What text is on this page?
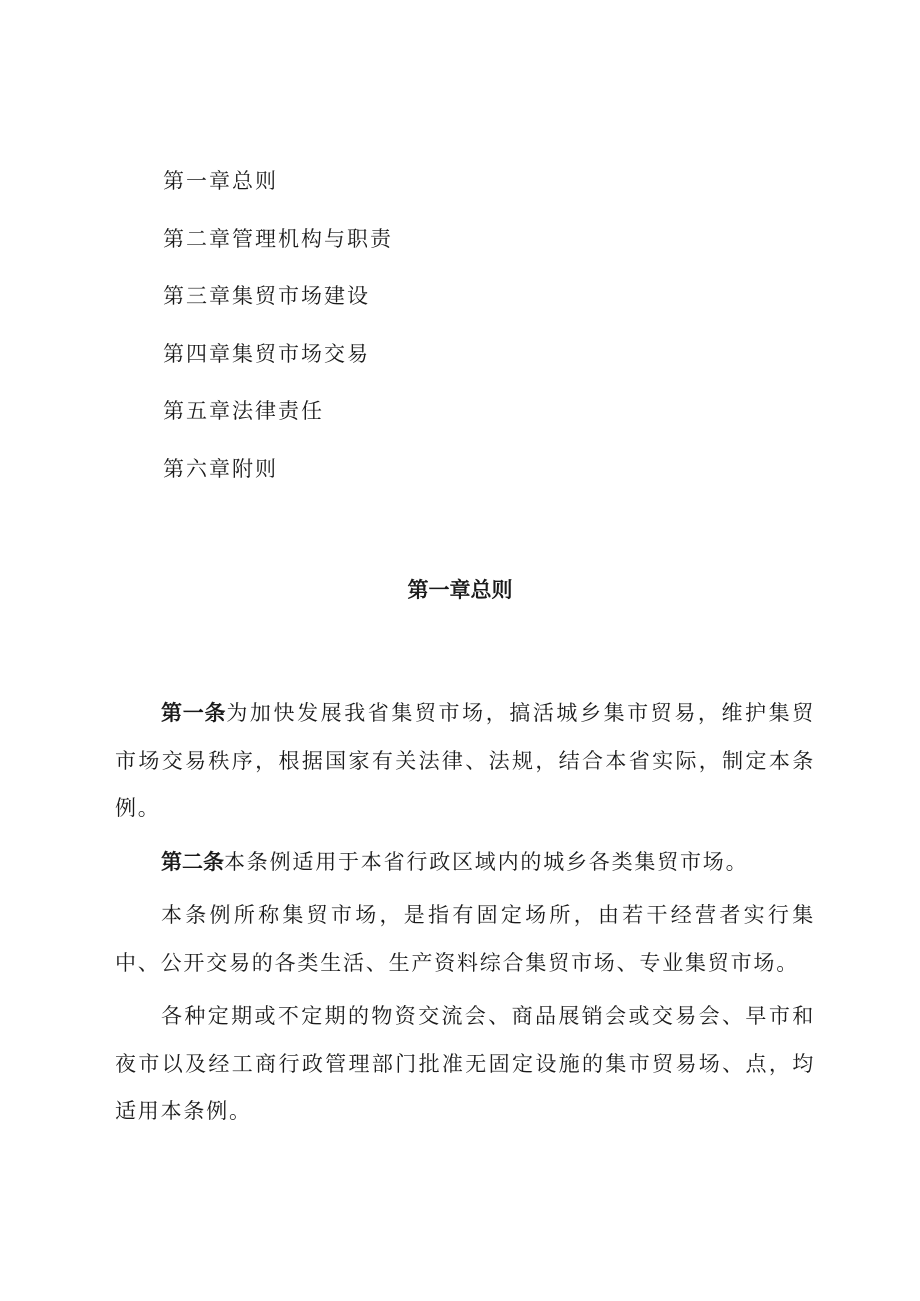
第一章总则
第二章管理机构与职责
第三章集贸市场建设
第四章集贸市场交易
第五章法律责任
第六章附则
第一章总则

第一条为加快发展我省集贸市场，搞活城乡集市贸易，维护集贸市场交易秩序，根据国家有关法律、法规，结合本省实际，制定本条例。

第二条本条例适用于本省行政区域内的城乡各类集贸市场。

本条例所称集贸市场，是指有固定场所，由若干经营者实行集中、公开交易的各类生活、生产资料综合集贸市场、专业集贸市场。

各种定期或不定期的物资交流会、商品展销会或交易会、早市和夜市以及经工商行政管理部门批准无固定设施的集市贸易场、点，均适用本条例。
